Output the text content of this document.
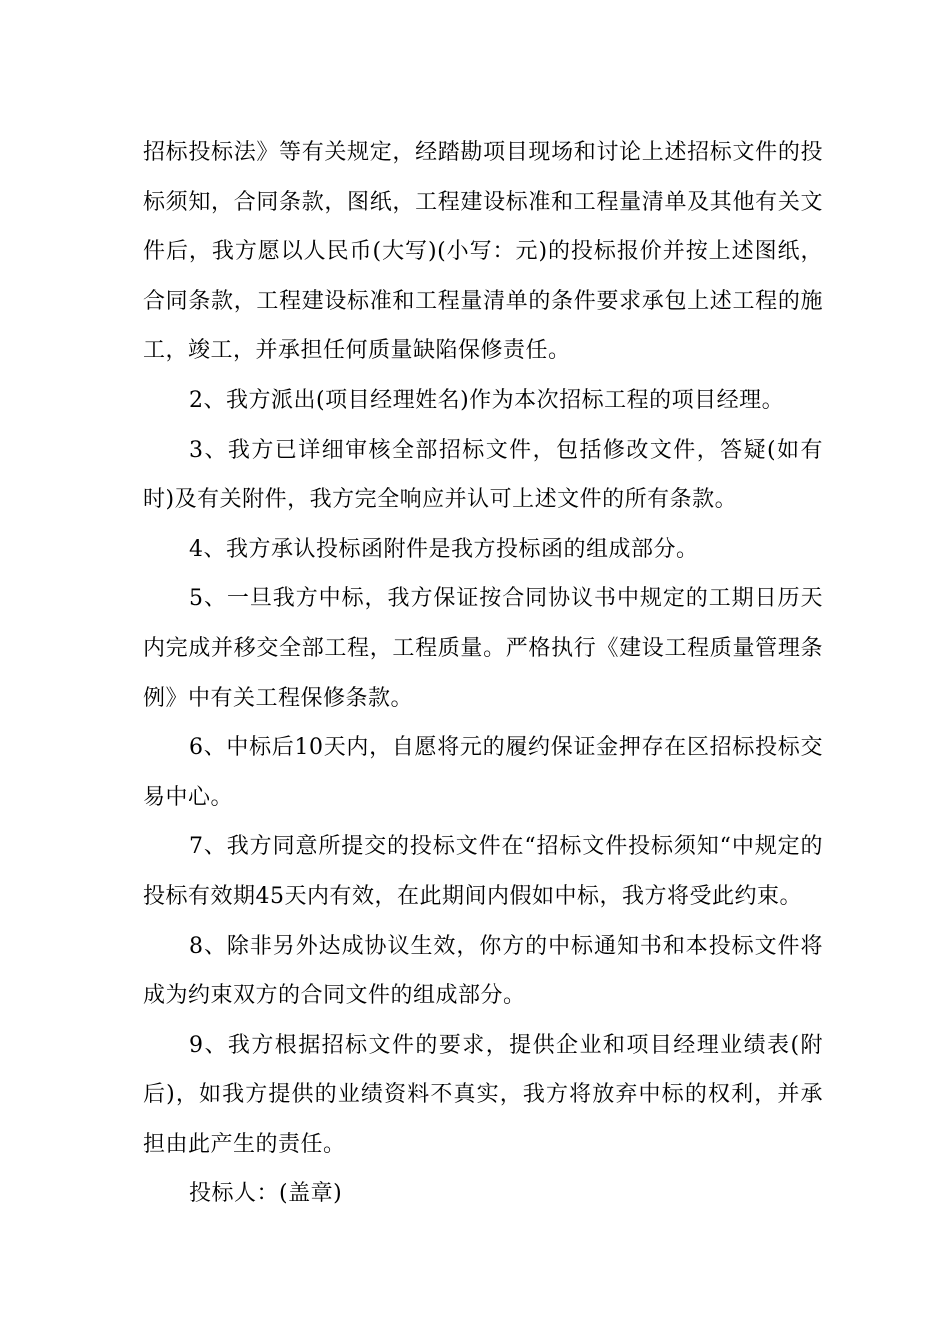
招标投标法》等有关规定，经踏勘项目现场和讨论上述招标文件的投标须知，合同条款，图纸，工程建设标准和工程量清单及其他有关文件后，我方愿以人民币(大写)(小写：元)的投标报价并按上述图纸，合同条款，工程建设标准和工程量清单的条件要求承包上述工程的施工，竣工，并承担任何质量缺陷保修责任。

2、我方派出(项目经理姓名)作为本次招标工程的项目经理。

3、我方已详细审核全部招标文件，包括修改文件，答疑(如有时)及有关附件，我方完全响应并认可上述文件的所有条款。

4、我方承认投标函附件是我方投标函的组成部分。

5、一旦我方中标，我方保证按合同协议书中规定的工期日历天内完成并移交全部工程，工程质量。严格执行《建设工程质量管理条例》中有关工程保修条款。

6、中标后10天内，自愿将元的履约保证金押存在区招标投标交易中心。

7、我方同意所提交的投标文件在“招标文件投标须知“中规定的投标有效期45天内有效，在此期间内假如中标，我方将受此约束。

8、除非另外达成协议生效，你方的中标通知书和本投标文件将成为约束双方的合同文件的组成部分。

9、我方根据招标文件的要求，提供企业和项目经理业绩表(附后)，如我方提供的业绩资料不真实，我方将放弃中标的权利，并承担由此产生的责任。

投标人：(盖章)
